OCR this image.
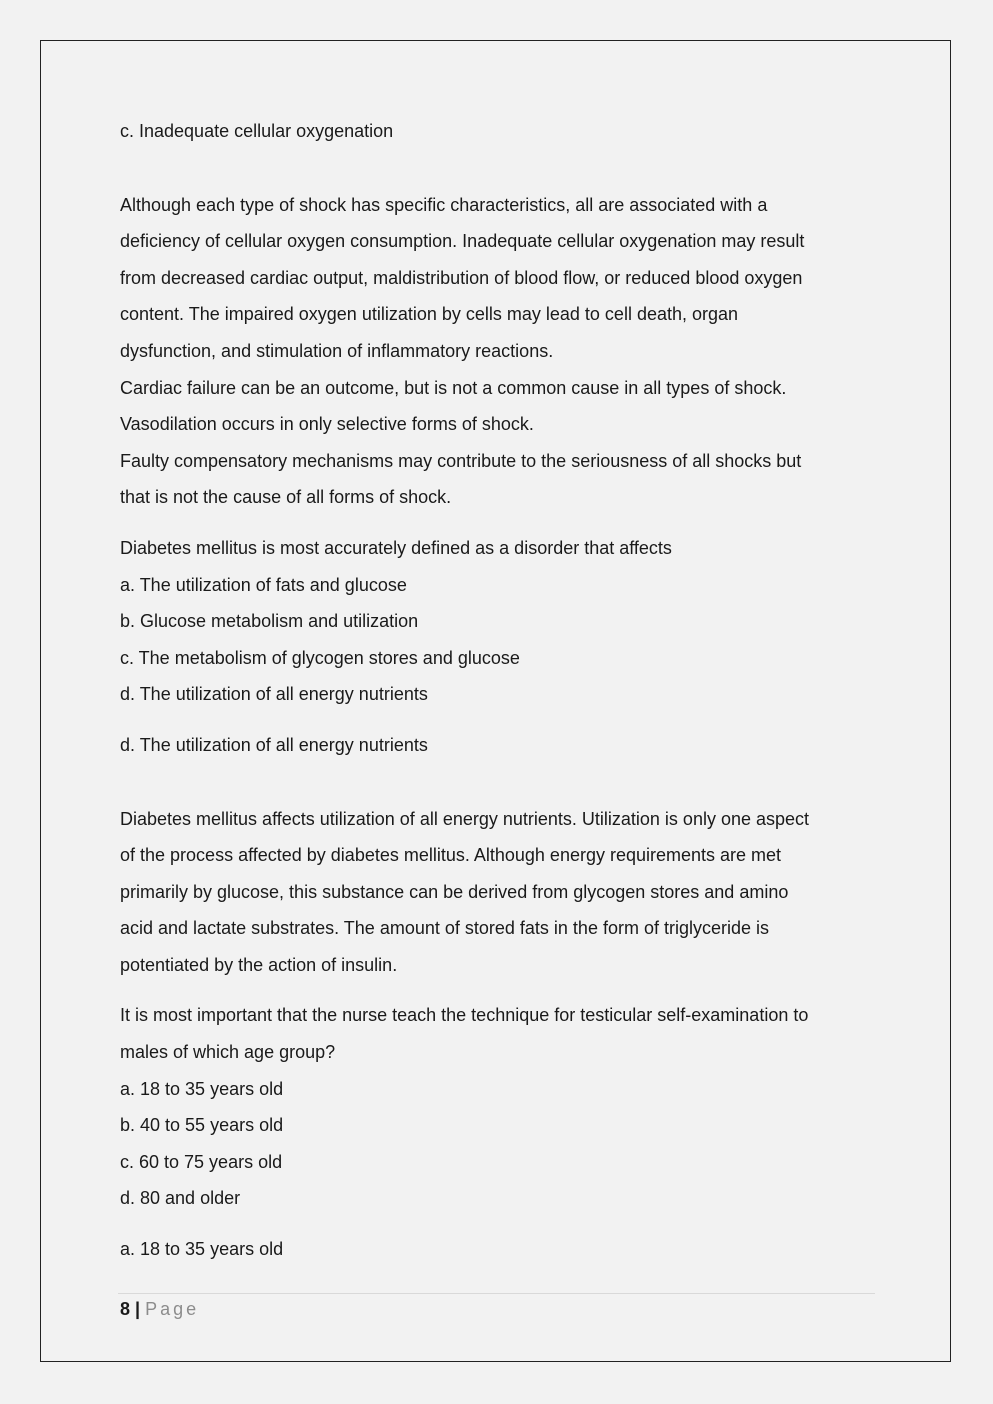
c. Inadequate cellular oxygenation

Although each type of shock has specific characteristics, all are associated with a

deficiency of cellular oxygen consumption. Inadequate cellular oxygenation may result

from decreased cardiac output, maldistribution of blood flow, or reduced blood oxygen

content. The impaired oxygen utilization by cells may lead to cell death, organ

dysfunction, and stimulation of inflammatory reactions.

Cardiac failure can be an outcome, but is not a common cause in all types of shock.

Vasodilation occurs in only selective forms of shock.

Faulty compensatory mechanisms may contribute to the seriousness of all shocks but

that is not the cause of all forms of shock.

Diabetes mellitus is most accurately defined as a disorder that affects

a. The utilization of fats and glucose

b. Glucose metabolism and utilization

c. The metabolism of glycogen stores and glucose

d. The utilization of all energy nutrients

d. The utilization of all energy nutrients

Diabetes mellitus affects utilization of all energy nutrients. Utilization is only one aspect

of the process affected by diabetes mellitus. Although energy requirements are met

primarily by glucose, this substance can be derived from glycogen stores and amino

acid and lactate substrates. The amount of stored fats in the form of triglyceride is

potentiated by the action of insulin.

It is most important that the nurse teach the technique for testicular self-examination to

males of which age group?

a. 18 to 35 years old

b. 40 to 55 years old

c. 60 to 75 years old

d. 80 and older

a. 18 to 35 years old

8 | Page
